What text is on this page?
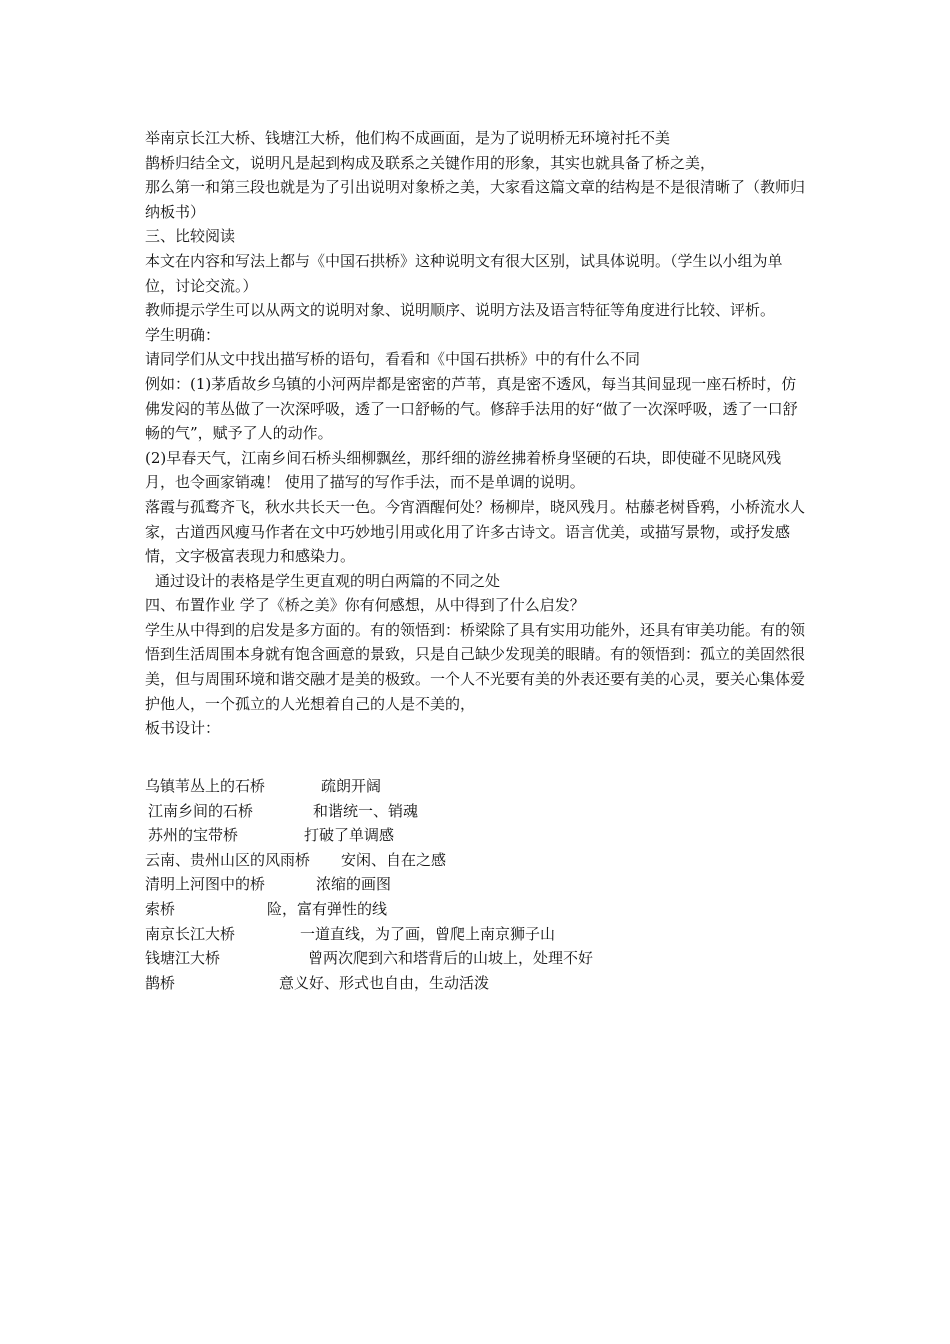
举南京长江大桥、钱塘江大桥，他们构不成画面，是为了说明桥无环境衬托不美

鹊桥归结全文，说明凡是起到构成及联系之关键作用的形象，其实也就具备了桥之美，

那么第一和第三段也就是为了引出说明对象桥之美，大家看这篇文章的结构是不是很清晰了（教师归纳板书）

三、比较阅读

本文在内容和写法上都与《中国石拱桥》这种说明文有很大区别，试具体说明。（学生以小组为单位，讨论交流。）

教师提示学生可以从两文的说明对象、说明顺序、说明方法及语言特征等角度进行比较、评析。

学生明确：

请同学们从文中找出描写桥的语句，看看和《中国石拱桥》中的有什么不同

例如：(1)茅盾故乡乌镇的小河两岸都是密密的芦苇，真是密不透风，每当其间显现一座石桥时，仿佛发闷的苇丛做了一次深呼吸，透了一口舒畅的气。修辞手法用的好“做了一次深呼吸，透了一口舒畅的气”，赋予了人的动作。

(2)早春天气，江南乡间石桥头细柳飘丝，那纤细的游丝拂着桥身坚硬的石块，即使碰不见晓风残月，也令画家销魂！ 使用了描写的写作手法，而不是单调的说明。

落霞与孤鹜齐飞，秋水共长天一色。今宵酒醒何处？杨柳岸，晓风残月。枯藤老树昏鸦，小桥流水人家，古道西风瘦马作者在文中巧妙地引用或化用了许多古诗文。语言优美，或描写景物，或抒发感情，文字极富表现力和感染力。

通过设计的表格是学生更直观的明白两篇的不同之处

四、布置作业 学了《桥之美》你有何感想，从中得到了什么启发？

学生从中得到的启发是多方面的。有的领悟到：桥梁除了具有实用功能外，还具有审美功能。有的领悟到生活周围本身就有饱含画意的景致，只是自己缺少发现美的眼睛。有的领悟到：孤立的美固然很美，但与周围环境和谐交融才是美的极致。一个人不光要有美的外表还要有美的心灵，要关心集体爱护他人，一个孤立的人光想着自己的人是不美的，

板书设计：

乌镇苇丛上的石桥	疏朗开阔
江南乡间的石桥	和谐统一、销魂
苏州的宝带桥	打破了单调感
云南、贵州山区的风雨桥 安闲、自在之感
清明上河图中的桥	浓缩的画图
索桥	险，富有弹性的线
南京长江大桥	一道直线，为了画，曾爬上南京狮子山
钱塘江大桥	曾两次爬到六和塔背后的山坡上，处理不好
鹊桥	意义好、形式也自由，生动活泼
